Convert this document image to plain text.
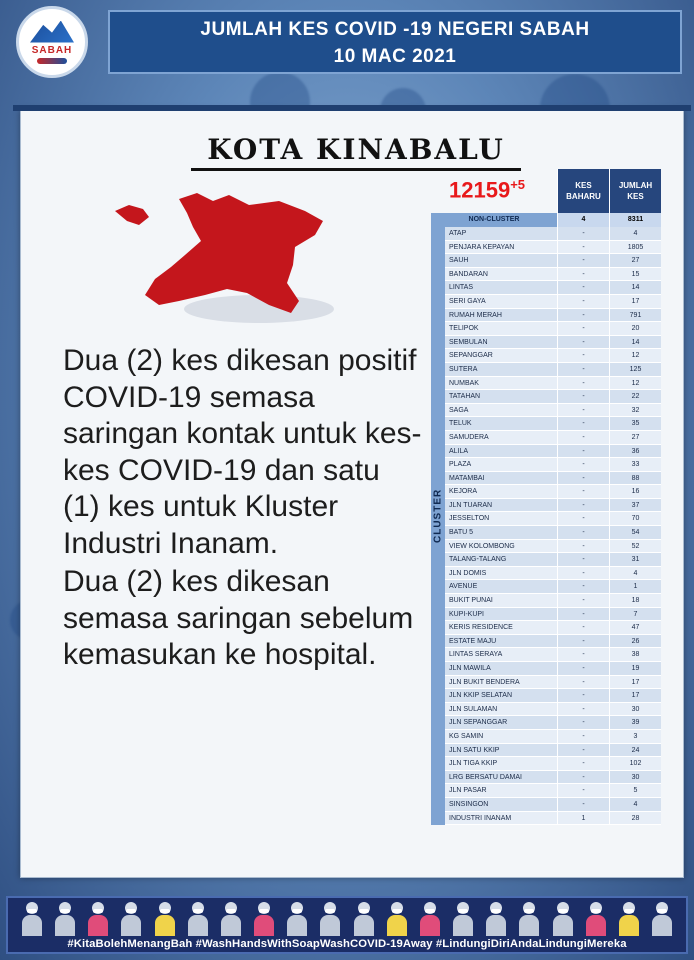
SABAH
JUMLAH KES COVID -19 NEGERI SABAH
10 MAC 2021
KOTA KINABALU

Dua (2) kes dikesan positif COVID-19 semasa saringan kontak untuk kes-kes COVID-19 dan satu (1) kes untuk Kluster Industri Inanam.

Dua (2) kes dikesan semasa saringan sebelum kemasukan ke hospital.

KES BAHARU
JUMLAH KES
NON-CLUSTER	4	8311
CLUSTER
ATAP	-	4
PENJARA KEPAYAN	-	1805
SAUH	-	27
BANDARAN	-	15
LINTAS	-	14
SERI GAYA	-	17
RUMAH MERAH	-	791
TELIPOK	-	20
SEMBULAN	-	14
SEPANGGAR	-	12
SUTERA	-	125
NUMBAK	-	12
TATAHAN	-	22
SAGA	-	32
TELUK	-	35
SAMUDERA	-	27
ALILA	-	36
PLAZA	-	33
MATAMBAI	-	88
KEJORA	-	16
JLN TUARAN	-	37
JESSELTON	-	70
BATU 5	-	54
VIEW KOLOMBONG	-	52
TALANG-TALANG	-	31
JLN DOMIS	-	4
AVENUE	-	1
BUKIT PUNAI	-	18
KUPI-KUPI	-	7
KERIS RESIDENCE	-	47
ESTATE MAJU	-	26
LINTAS SERAYA	-	38
JLN MAWILA	-	19
JLN BUKIT BENDERA	-	17
JLN KKIP SELATAN	-	17
JLN SULAMAN	-	30
JLN SEPANGGAR	-	39
KG SAMIN	-	3
JLN SATU KKIP	-	24
JLN TIGA KKIP	-	102
LRG BERSATU DAMAI	-	30
JLN PASAR	-	5
SINSINGON	-	4
INDUSTRI INANAM	1	28
$12159^{+5}$
#KitaBolehMenangBah #WashHandsWithSoapWashCOVID-19Away #LindungiDiriAndaLindungiMereka
